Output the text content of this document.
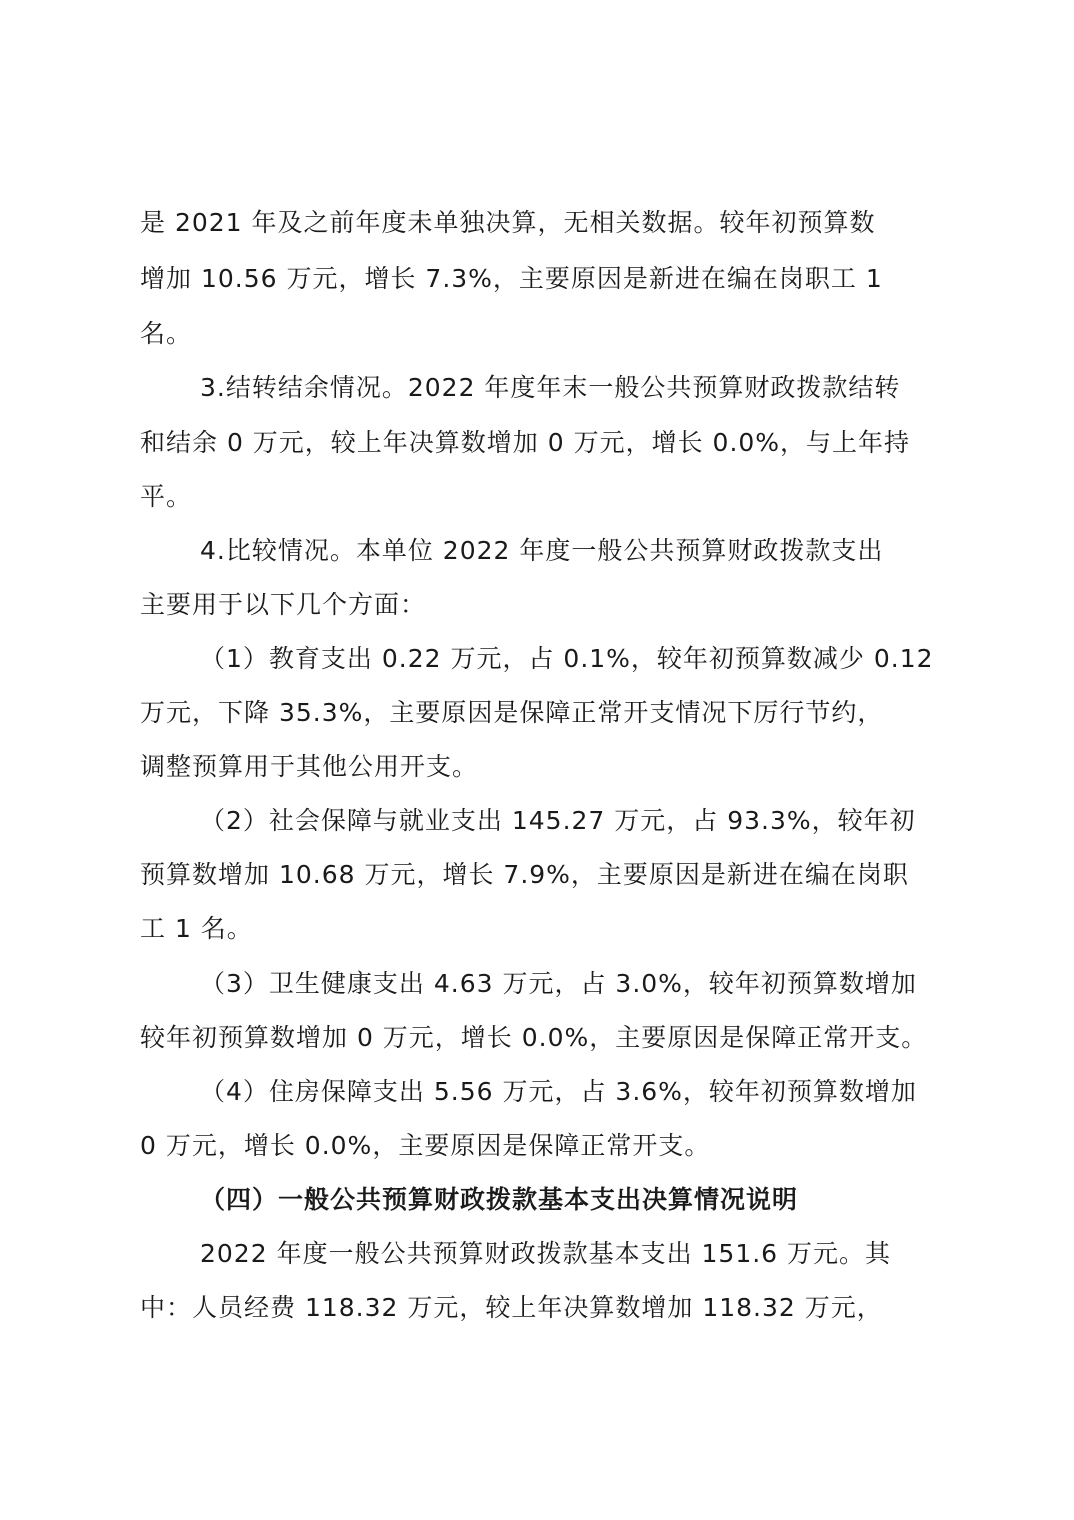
是 2021 年及之前年度未单独决算，无相关数据。较年初预算数
增加 10.56 万元，增长 7.3%，主要原因是新进在编在岗职工 1
名。
3.结转结余情况。2022 年度年末一般公共预算财政拨款结转
和结余 0 万元，较上年决算数增加 0 万元，增长 0.0%，与上年持
平。
4.比较情况。本单位 2022 年度一般公共预算财政拨款支出
主要用于以下几个方面：
（1）教育支出 0.22 万元，占 0.1%，较年初预算数减少 0.12
万元，下降 35.3%，主要原因是保障正常开支情况下厉行节约，
调整预算用于其他公用开支。
（2）社会保障与就业支出 145.27 万元，占 93.3%，较年初
预算数增加 10.68 万元，增长 7.9%，主要原因是新进在编在岗职
工 1 名。
（3）卫生健康支出 4.63 万元，占 3.0%，较年初预算数增加
较年初预算数增加 0 万元，增长 0.0%，主要原因是保障正常开支。
（4）住房保障支出 5.56 万元，占 3.6%，较年初预算数增加
0 万元，增长 0.0%，主要原因是保障正常开支。
（四）一般公共预算财政拨款基本支出决算情况说明
2022 年度一般公共预算财政拨款基本支出 151.6 万元。其
中：人员经费 118.32 万元，较上年决算数增加 118.32 万元，
